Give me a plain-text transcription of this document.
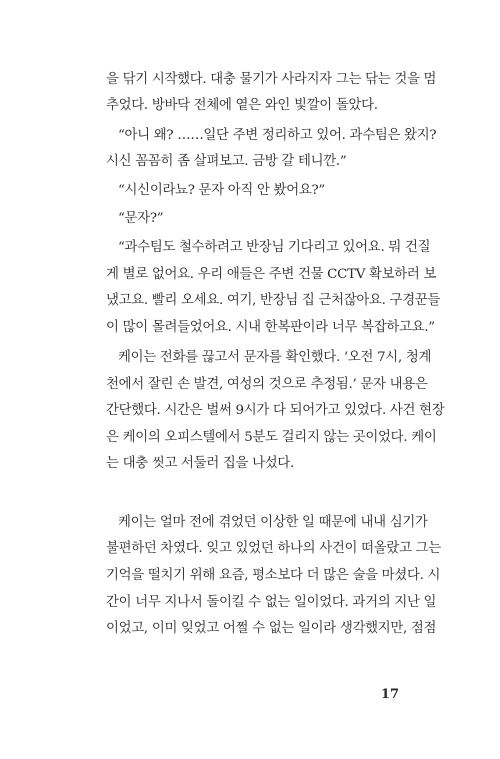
을 닦기 시작했다. 대충 물기가 사라지자 그는 닦는 것을 멈
추었다. 방바닥 전체에 옅은 와인 빛깔이 돌았다.
“아니 왜? ……일단 주변 정리하고 있어. 과수팀은 왔지?
시신 꼼꼼히 좀 살펴보고. 금방 갈 테니깐.”
“시신이라뇨? 문자 아직 안 봤어요?”
“문자?”
“과수팀도 철수하려고 반장님 기다리고 있어요. 뭐 건질
게 별로 없어요. 우리 애들은 주변 건물 CCTV 확보하러 보
냈고요. 빨리 오세요. 여기, 반장님 집 근처잖아요. 구경꾼들
이 많이 몰려들었어요. 시내 한복판이라 너무 복잡하고요.”
케이는 전화를 끊고서 문자를 확인했다. ‘오전 7시, 청계
천에서 잘린 손 발견, 여성의 것으로 추정됨.’ 문자 내용은
간단했다. 시간은 벌써 9시가 다 되어가고 있었다. 사건 현장
은 케이의 오피스텔에서 5분도 걸리지 않는 곳이었다. 케이
는 대충 씻고 서둘러 집을 나섰다.
케이는 얼마 전에 겪었던 이상한 일 때문에 내내 심기가
불편하던 차였다. 잊고 있었던 하나의 사건이 떠올랐고 그는
기억을 떨치기 위해 요즘, 평소보다 더 많은 술을 마셨다. 시
간이 너무 지나서 돌이킬 수 없는 일이었다. 과거의 지난 일
이었고, 이미 잊었고 어쩔 수 없는 일이라 생각했지만, 점점
17
